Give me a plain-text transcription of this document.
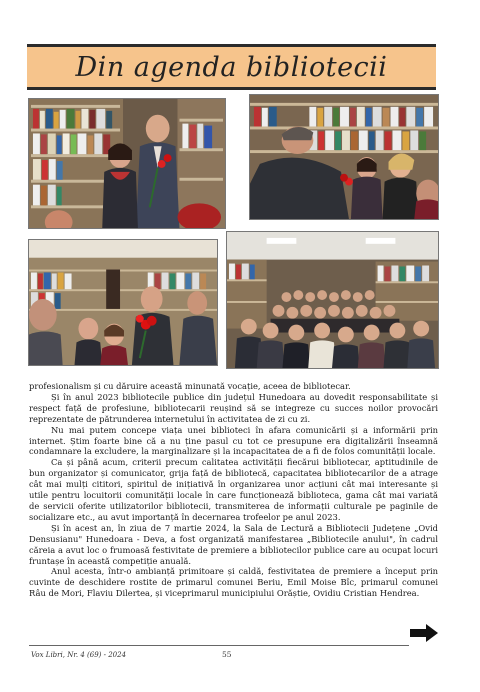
Din agenda bibliotecii

profesionalism și cu dăruire această minunată vocație, aceea de bibliotecar.

Și în anul 2023 bibliotecile publice din județul Hunedoara au dovedit responsabilitate și respect față de profesiune, bibliotecarii reușind să se integreze cu succes noilor provocări reprezentate de pătrunderea internetului în activitatea de zi cu zi.

Nu mai putem concepe viața unei biblioteci în afara comunicării și a informării prin internet. Știm foarte bine că a nu ține pasul cu tot ce presupune era digitalizării înseamnă condamnare la excludere, la marginalizare și la incapacitatea de a fi de folos comunității locale.

Ca și până acum, criterii precum calitatea activității fiecărui bibliotecar, aptitudinile de bun organizator și comunicator, grija față de bibliotecă, capacitatea bibliotecarilor de a atrage cât mai mulți cititori, spiritul de inițiativă în organizarea unor acțiuni cât mai interesante și utile pentru locuitorii comunității locale în care funcționează biblioteca, gama cât mai variată de servicii oferite utilizatorilor bibliotecii, transmiterea de informații culturale pe paginile de socializare etc., au avut importanță în decernarea trofeelor pe anul 2023.

Și în acest an, în ziua de 7 martie 2024, la Sala de Lectură a Bibliotecii Județene „Ovid Densusianu" Hunedoara - Deva, a fost organizată manifestarea „Bibliotecile anului", în cadrul căreia a avut loc o frumoasă festivitate de premiere a bibliotecilor publice care au ocupat locuri fruntașe în această competiție anuală.

Anul acesta, într-o ambianță primitoare și caldă, festivitatea de premiere a început prin cuvinte de deschidere rostite de primarul comunei Beriu, Emil Moise Bîc, primarul comunei Râu de Mori, Flaviu Dilertea, și viceprimarul municipiului Orăștie, Ovidiu Cristian Hendrea.

Vox Libri, Nr. 4 (69) - 2024	55
